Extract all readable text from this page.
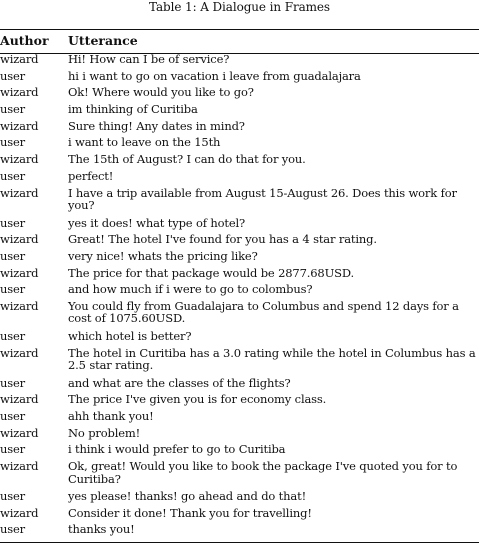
Table 1: A Dialogue in Frames
Author	Utterance
wizard	Hi! How can I be of service?
user	hi i want to go on vacation i leave from guadalajara
wizard	Ok! Where would you like to go?
user	im thinking of Curitiba
wizard	Sure thing! Any dates in mind?
user	i want to leave on the 15th
wizard	The 15th of August? I can do that for you.
user	perfect!
wizard	I have a trip available from August 15-August 26. Does this work for you?
user	yes it does! what type of hotel?
wizard	Great! The hotel I've found for you has a 4 star rating.
user	very nice! whats the pricing like?
wizard	The price for that package would be 2877.68USD.
user	and how much if i were to go to colombus?
wizard	You could fly from Guadalajara to Columbus and spend 12 days for a cost of 1075.60USD.
user	which hotel is better?
wizard	The hotel in Curitiba has a 3.0 rating while the hotel in Columbus has a 2.5 star rating.
user	and what are the classes of the flights?
wizard	The price I've given you is for economy class.
user	ahh thank you!
wizard	No problem!
user	i think i would prefer to go to Curitiba
wizard	Ok, great! Would you like to book the package I've quoted you for to Curitiba?
user	yes please! thanks! go ahead and do that!
wizard	Consider it done! Thank you for travelling!
user	thanks you!
